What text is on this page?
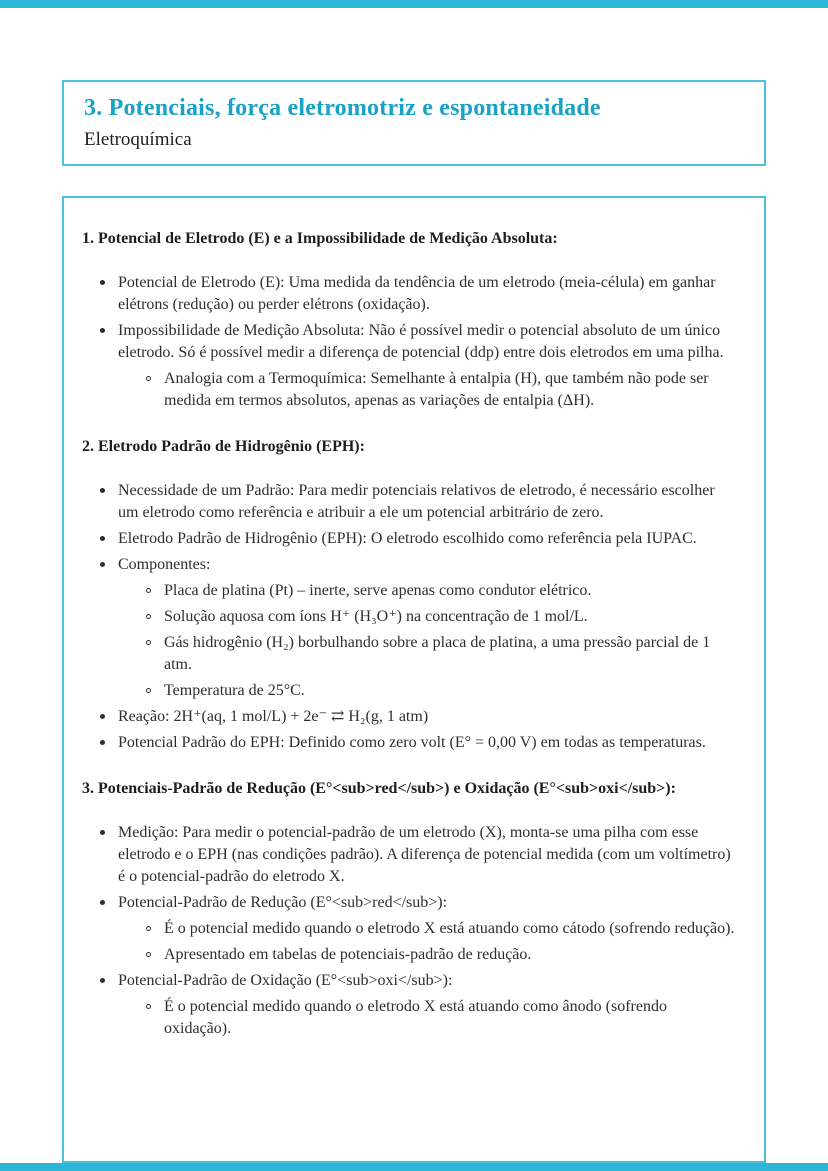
3. Potenciais, força eletromotriz e espontaneidade
Eletroquímica
1. Potencial de Eletrodo (E) e a Impossibilidade de Medição Absoluta:
Potencial de Eletrodo (E): Uma medida da tendência de um eletrodo (meia-célula) em ganhar elétrons (redução) ou perder elétrons (oxidação).
Impossibilidade de Medição Absoluta: Não é possível medir o potencial absoluto de um único eletrodo. Só é possível medir a diferença de potencial (ddp) entre dois eletrodos em uma pilha.
Analogia com a Termoquímica: Semelhante à entalpia (H), que também não pode ser medida em termos absolutos, apenas as variações de entalpia (ΔH).
2. Eletrodo Padrão de Hidrogênio (EPH):
Necessidade de um Padrão: Para medir potenciais relativos de eletrodo, é necessário escolher um eletrodo como referência e atribuir a ele um potencial arbitrário de zero.
Eletrodo Padrão de Hidrogênio (EPH): O eletrodo escolhido como referência pela IUPAC.
Componentes:
Placa de platina (Pt) – inerte, serve apenas como condutor elétrico.
Solução aquosa com íons H⁺ (H₃O⁺) na concentração de 1 mol/L.
Gás hidrogênio (H₂) borbulhando sobre a placa de platina, a uma pressão parcial de 1 atm.
Temperatura de 25°C.
Reação: 2H⁺(aq, 1 mol/L) + 2e⁻ ⇄ H₂(g, 1 atm)
Potencial Padrão do EPH: Definido como zero volt (E° = 0,00 V) em todas as temperaturas.
3. Potenciais-Padrão de Redução (E°<sub>red</sub>) e Oxidação (E°<sub>oxi</sub>):
Medição: Para medir o potencial-padrão de um eletrodo (X), monta-se uma pilha com esse eletrodo e o EPH (nas condições padrão). A diferença de potencial medida (com um voltímetro) é o potencial-padrão do eletrodo X.
Potencial-Padrão de Redução (E°<sub>red</sub>):
É o potencial medido quando o eletrodo X está atuando como cátodo (sofrendo redução).
Apresentado em tabelas de potenciais-padrão de redução.
Potencial-Padrão de Oxidação (E°<sub>oxi</sub>):
É o potencial medido quando o eletrodo X está atuando como ânodo (sofrendo oxidação).
